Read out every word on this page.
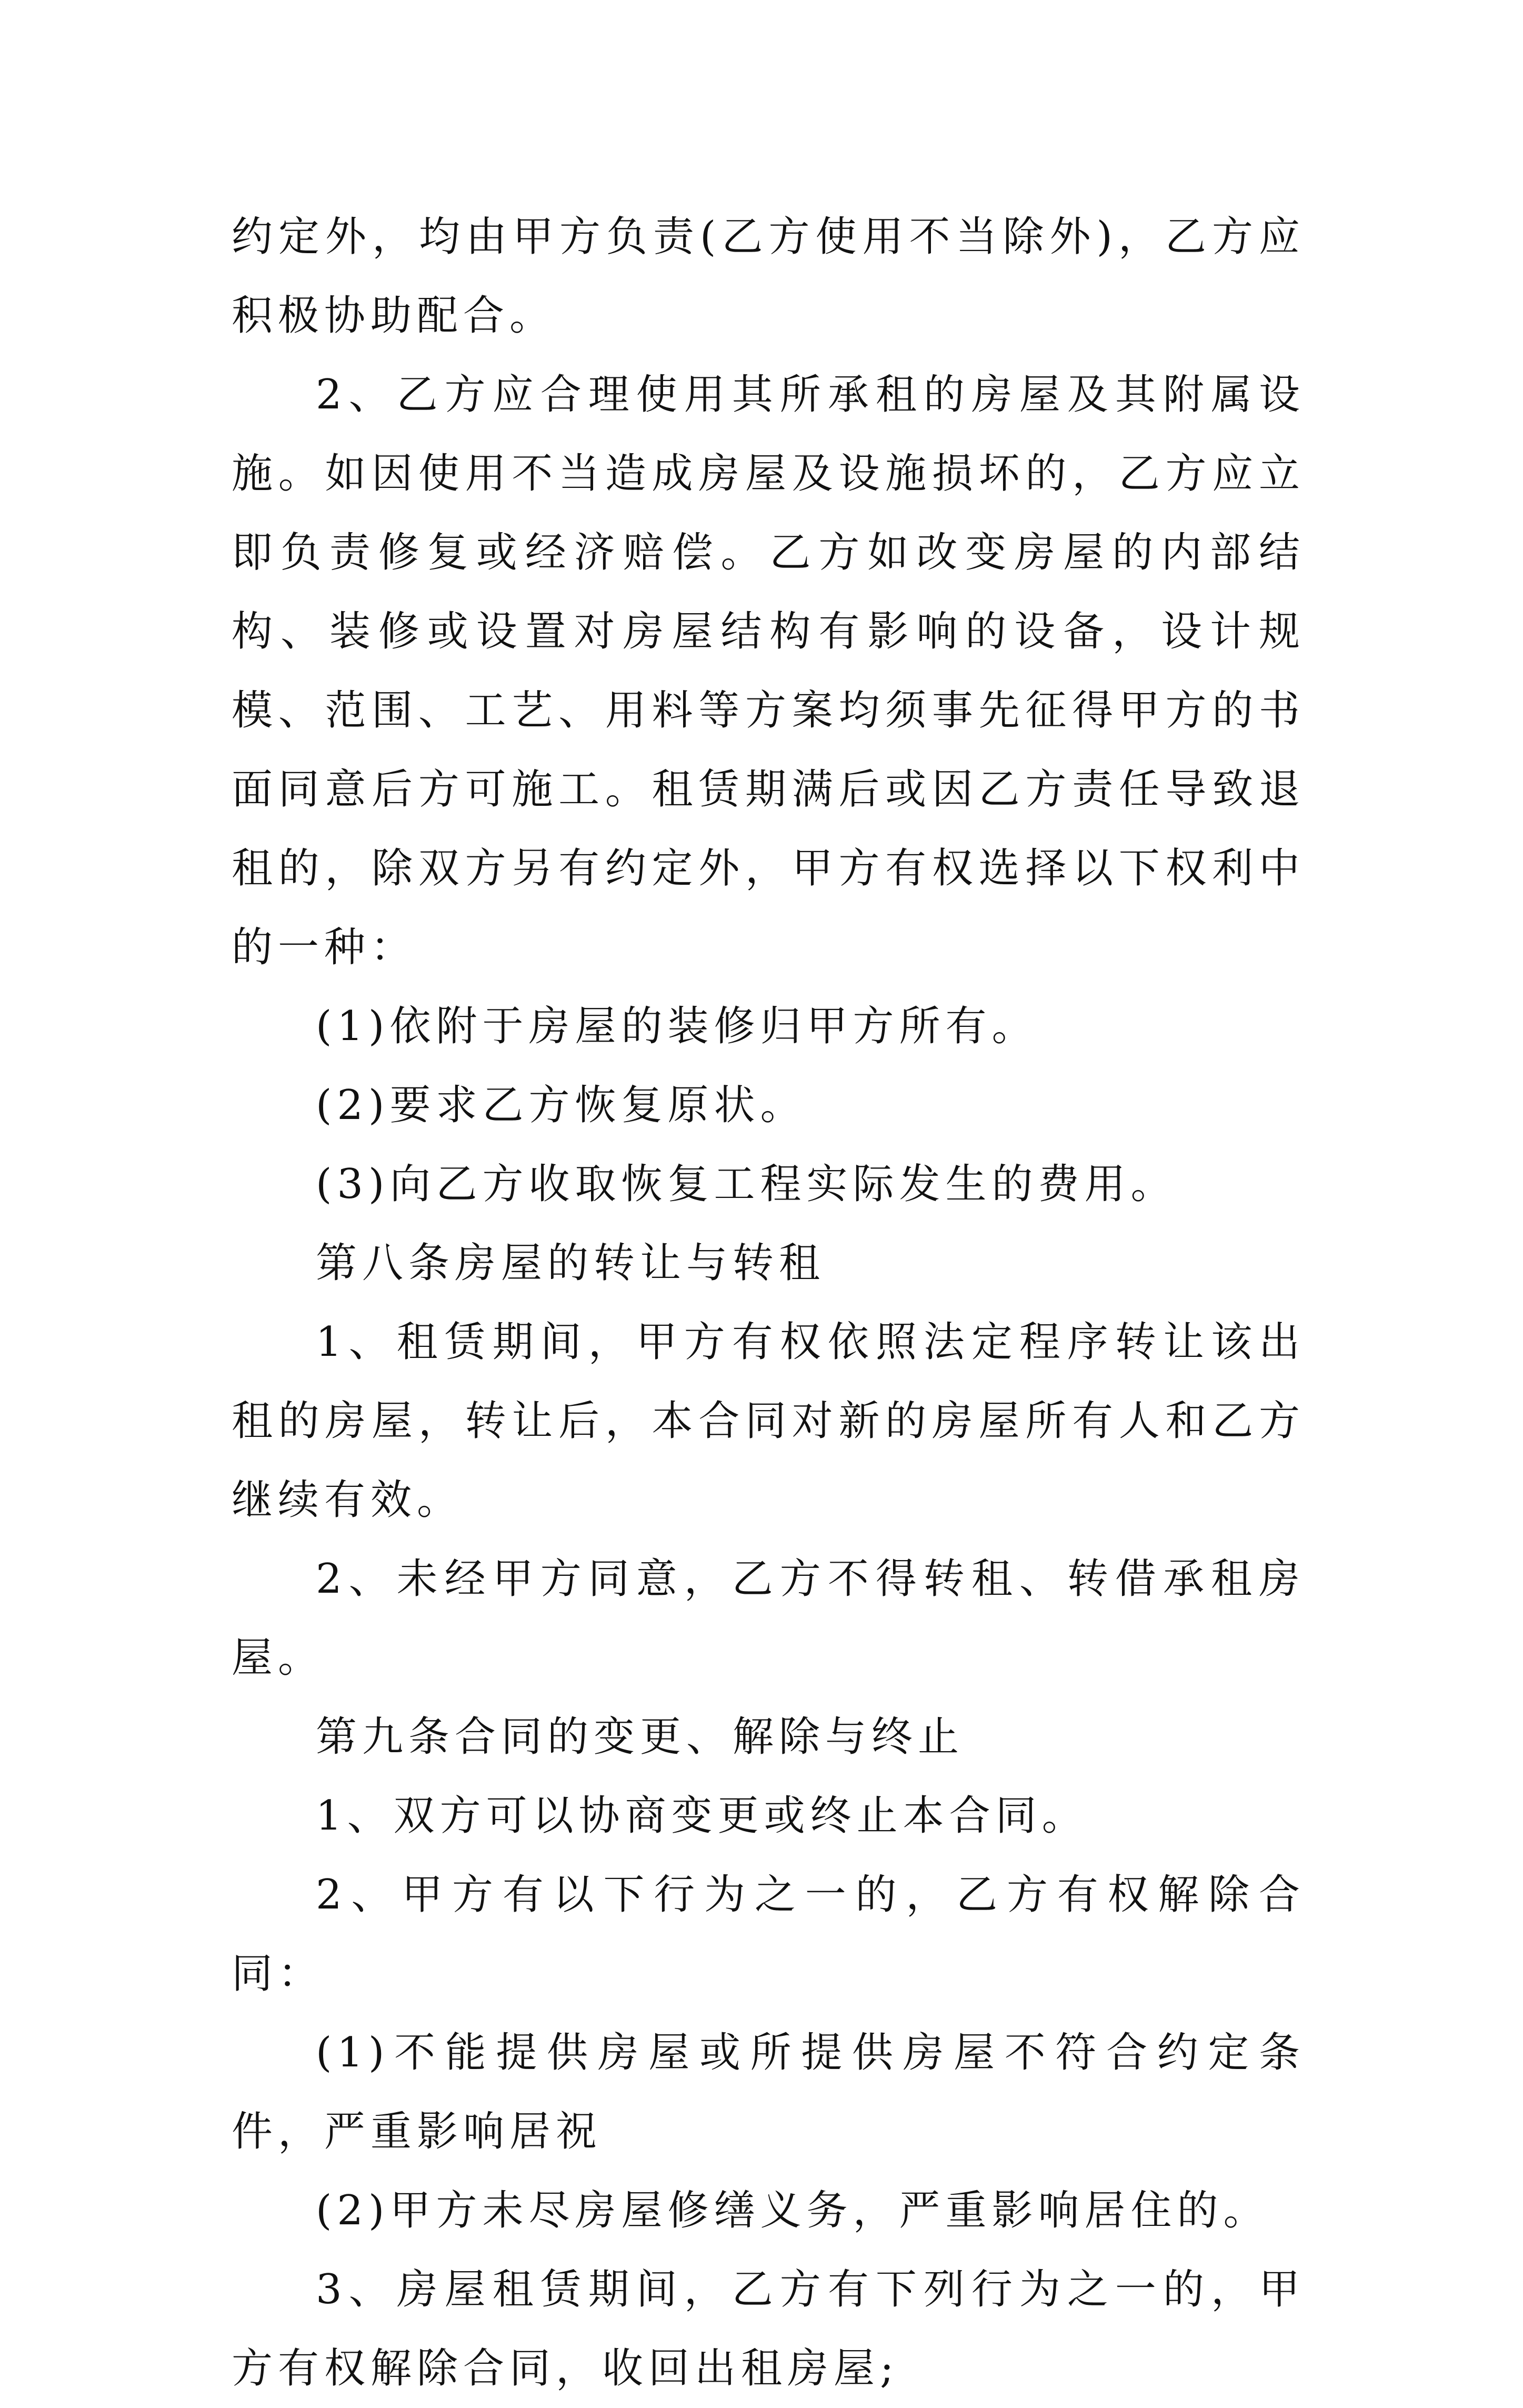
约定外，均由甲方负责(乙方使用不当除外)，乙方应积极协助配合。

2、乙方应合理使用其所承租的房屋及其附属设施。如因使用不当造成房屋及设施损坏的，乙方应立即负责修复或经济赔偿。乙方如改变房屋的内部结构、装修或设置对房屋结构有影响的设备，设计规模、范围、工艺、用料等方案均须事先征得甲方的书面同意后方可施工。租赁期满后或因乙方责任导致退租的，除双方另有约定外，甲方有权选择以下权利中的一种：

(1)依附于房屋的装修归甲方所有。

(2)要求乙方恢复原状。

(3)向乙方收取恢复工程实际发生的费用。

第八条房屋的转让与转租

1、租赁期间，甲方有权依照法定程序转让该出租的房屋，转让后，本合同对新的房屋所有人和乙方继续有效。

2、未经甲方同意，乙方不得转租、转借承租房屋。

第九条合同的变更、解除与终止

1、双方可以协商变更或终止本合同。

2、甲方有以下行为之一的，乙方有权解除合同：

(1)不能提供房屋或所提供房屋不符合约定条件，严重影响居祝

(2)甲方未尽房屋修缮义务，严重影响居住的。

3、房屋租赁期间，乙方有下列行为之一的，甲方有权解除合同，收回出租房屋;
